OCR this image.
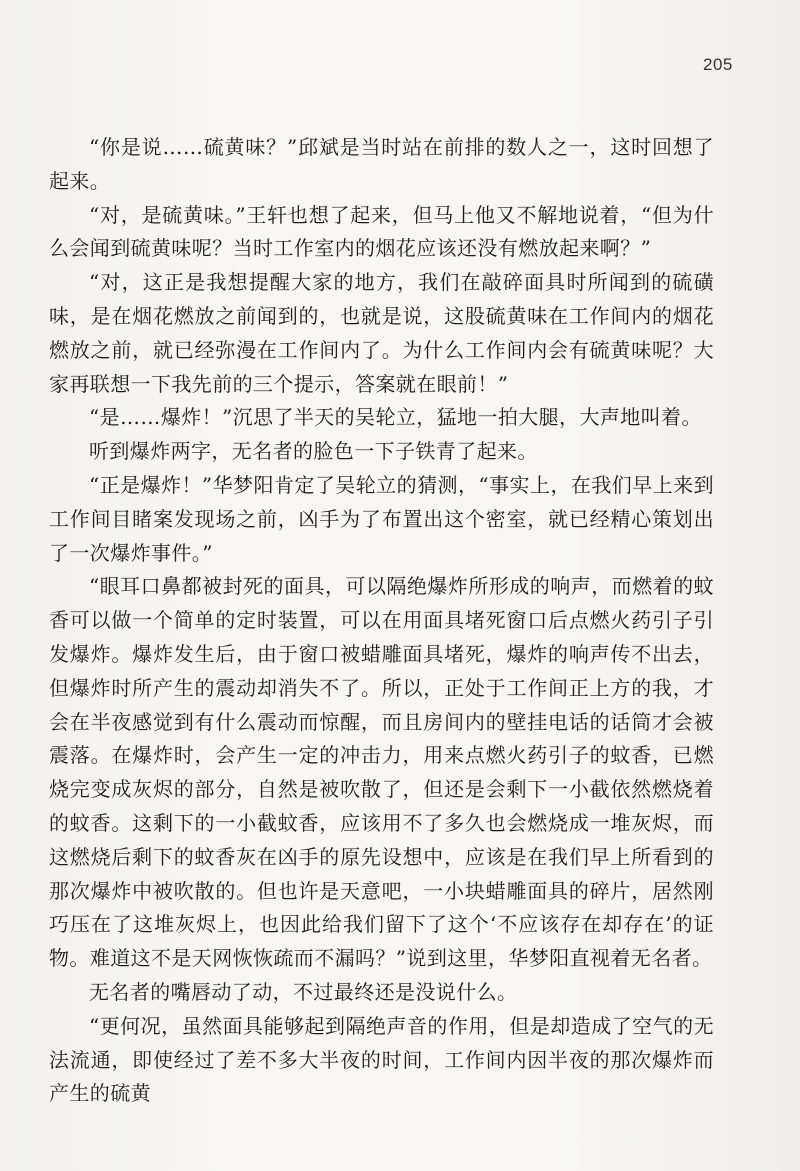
205

“你是说……硫黄味？”邱斌是当时站在前排的数人之一，这时回想了起来。

“对，是硫黄味。”王轩也想了起来，但马上他又不解地说着，“但为什么会闻到硫黄味呢？当时工作室内的烟花应该还没有燃放起来啊？”

“对，这正是我想提醒大家的地方，我们在敲碎面具时所闻到的硫磺味，是在烟花燃放之前闻到的，也就是说，这股硫黄味在工作间内的烟花燃放之前，就已经弥漫在工作间内了。为什么工作间内会有硫黄味呢？大家再联想一下我先前的三个提示，答案就在眼前！”

“是……爆炸！”沉思了半天的吴轮立，猛地一拍大腿，大声地叫着。

听到爆炸两字，无名者的脸色一下子铁青了起来。

“正是爆炸！”华梦阳肯定了吴轮立的猜测，“事实上，在我们早上来到工作间目睹案发现场之前，凶手为了布置出这个密室，就已经精心策划出了一次爆炸事件。”

“眼耳口鼻都被封死的面具，可以隔绝爆炸所形成的响声，而燃着的蚊香可以做一个简单的定时装置，可以在用面具堵死窗口后点燃火药引子引发爆炸。爆炸发生后，由于窗口被蜡雕面具堵死，爆炸的响声传不出去，但爆炸时所产生的震动却消失不了。所以，正处于工作间正上方的我，才会在半夜感觉到有什么震动而惊醒，而且房间内的壁挂电话的话筒才会被震落。在爆炸时，会产生一定的冲击力，用来点燃火药引子的蚊香，已燃烧完变成灰烬的部分，自然是被吹散了，但还是会剩下一小截依然燃烧着的蚊香。这剩下的一小截蚊香，应该用不了多久也会燃烧成一堆灰烬，而这燃烧后剩下的蚊香灰在凶手的原先设想中，应该是在我们早上所看到的那次爆炸中被吹散的。但也许是天意吧，一小块蜡雕面具的碎片，居然刚巧压在了这堆灰烬上，也因此给我们留下了这个‘不应该存在却存在’的证物。难道这不是天网恢恢疏而不漏吗？”说到这里，华梦阳直视着无名者。

无名者的嘴唇动了动，不过最终还是没说什么。

“更何况，虽然面具能够起到隔绝声音的作用，但是却造成了空气的无法流通，即使经过了差不多大半夜的时间，工作间内因半夜的那次爆炸而产生的硫黄
